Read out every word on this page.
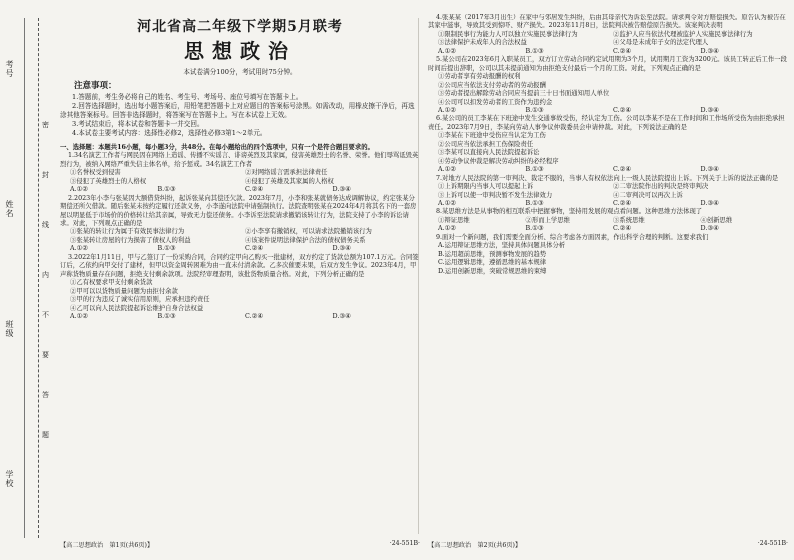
考号
姓名
班级
学校
密
封
线
内
不
要
答
题
河北省高二年级下学期5月联考
思想政治
本试卷满分100分，考试用时75分钟。
注意事项：
1.答题前，考生务必将自己的姓名、考生号、考场号、座位号填写在答题卡上。
2.回答选择题时，选出每小题答案后，用铅笔把答题卡上对应题目的答案标号涂黑。如需改动，用橡皮擦干净后，再选涂其他答案标号。回答非选择题时，将答案写在答题卡上。写在本试卷上无效。
3.考试结束后，将本试卷和答题卡一并交回。
4.本试卷主要考试内容：选择性必修2，选择性必修3第1～2单元。
一、选择题：本题共16小题，每小题3分，共48分。在每小题给出的四个选项中，只有一个是符合题目要求的。
1.34名演艺工作者与网民因在网络上造谣、传播不实谣言、诽谤英烈及其家属，侵害英雄烈士的名誉、荣誉。他们辱骂诋毁英烈行为，被纳入网络严重失信主体名单，给予惩戒。34名演艺工作者
①名誉权受到侵害	②对网络谣言需承担法律责任
③侵犯了英雄烈士的人格权	④侵犯了英雄及其家属的人格权
A.①②	B.①③	C.②④	D.③④
2.2023年小李与张某因大额借贷纠纷，起诉张某向其偿还欠款。2023年7月，小李和张某就债务达成调解协议，约定张某分期偿还所欠借款。随后张某未按约定履行还款义务，小李遂向法院申请强制执行。法院查明张某在2024年4月将其名下的一套房屋以明显低于市场价的价格转让给其亲属，导致无力偿还债务。小李诉至法院请求撤销该转让行为，法院支持了小李的诉讼请求。对此，下列观点正确的是
①张某的转让行为属于有效民事法律行为	②小李享有撤销权，可以请求法院撤销该行为
③张某转让房屋的行为损害了债权人的利益	④该案件说明法律保护合法的债权债务关系
A.①②	B.①③	C.②④	D.③④
3.2022年1月11日，甲与乙签订了一份采购合同，合同约定甲向乙购买一批建材，双方约定了货款总额为107.1万元。合同签订后，乙依约向甲交付了建材，但甲以资金周转困难为由一直未付清余款。乙多次催要未果，后双方发生争议。2023年4月，甲声称货物质量存在问题，拒绝支付剩余款项。法院经审理查明，该批货物质量合格。对此，下列分析正确的是
①乙有权要求甲支付剩余货款
②甲可以以货物质量问题为由拒付余款
③甲的行为违反了诚实信用原则，应承担违约责任
④乙可以向人民法院提起诉讼维护自身合法权益
A.①②	B.①③	C.②④	D.③④
4.张某某（2017年3月出生）在家中与邻居发生纠纷，后由其母亲代为诉讼至法院。请求判令对方赔偿损失。原告认为被告在其家中滋事，导致其受到惊吓、财产损失。2023年11月8日，法院判决被告赔偿原告损失。该案判决表明
①限制民事行为能力人可以独立实施民事法律行为	②监护人应当依法代理被监护人实施民事法律行为
③法律保护未成年人的合法权益	④父母是未成年子女的法定代理人
A.①②	B.①③	C.②④	D.③④
5.某公司在2023年6月入职某员工，双方订立劳动合同约定试用期为3个月，试用期月工资为3200元。该员工转正后工作一段时间后提出辞职，公司以其未提前通知为由拒绝支付最后一个月的工资。对此，下列观点正确的是
①劳动者享有劳动报酬的权利
②公司应当依法支付劳动者的劳动报酬
③劳动者提出解除劳动合同应当提前三十日书面通知用人单位
④公司可以扣发劳动者的工资作为违约金
A.①②	B.①③	C.②④	D.③④
6.某公司的员工李某在下班途中发生交通事故受伤，经认定为工伤。公司以李某不是在工作时间和工作场所受伤为由拒绝承担责任。2023年7月9日，李某向劳动人事争议仲裁委员会申请仲裁。对此，下列说法正确的是
①李某在下班途中受伤应当认定为工伤
②公司应当依法承担工伤保险责任
③李某可以直接向人民法院提起诉讼
④劳动争议仲裁是解决劳动纠纷的必经程序
A.①②	B.①③	C.②④	D.③④
7.对地方人民法院的第一审判决、裁定不服的，当事人有权依法向上一级人民法院提出上诉。下列关于上诉的说法正确的是
①上诉期限内当事人可以提起上诉	②二审法院作出的判决是终审判决
③上诉可以使一审判决暂不发生法律效力	④二审判决可以再次上诉
A.①②	B.①③	C.②④	D.③④
8.某思维方法是从事物的相互联系中把握事物，坚持用发展的观点看问题。这种思维方法体现了
①辩证思维	②形而上学思维	③系统思维	④创新思维
A.①②	B.①③	C.②④	D.③④
9.面对一个新问题，我们需要全面分析、综合考虑各方面因素，作出科学合理的判断。这要求我们
A.运用辩证思维方法，坚持具体问题具体分析
B.运用超前思维，预测事物发展的趋势
C.运用逻辑思维，遵循思维的基本规律
D.运用创新思维，突破常规思维的束缚
【高二思想政治　第1页(共6页)】	·24-551B· 【高二思想政治　第2页(共6页)】	·24-551B·
